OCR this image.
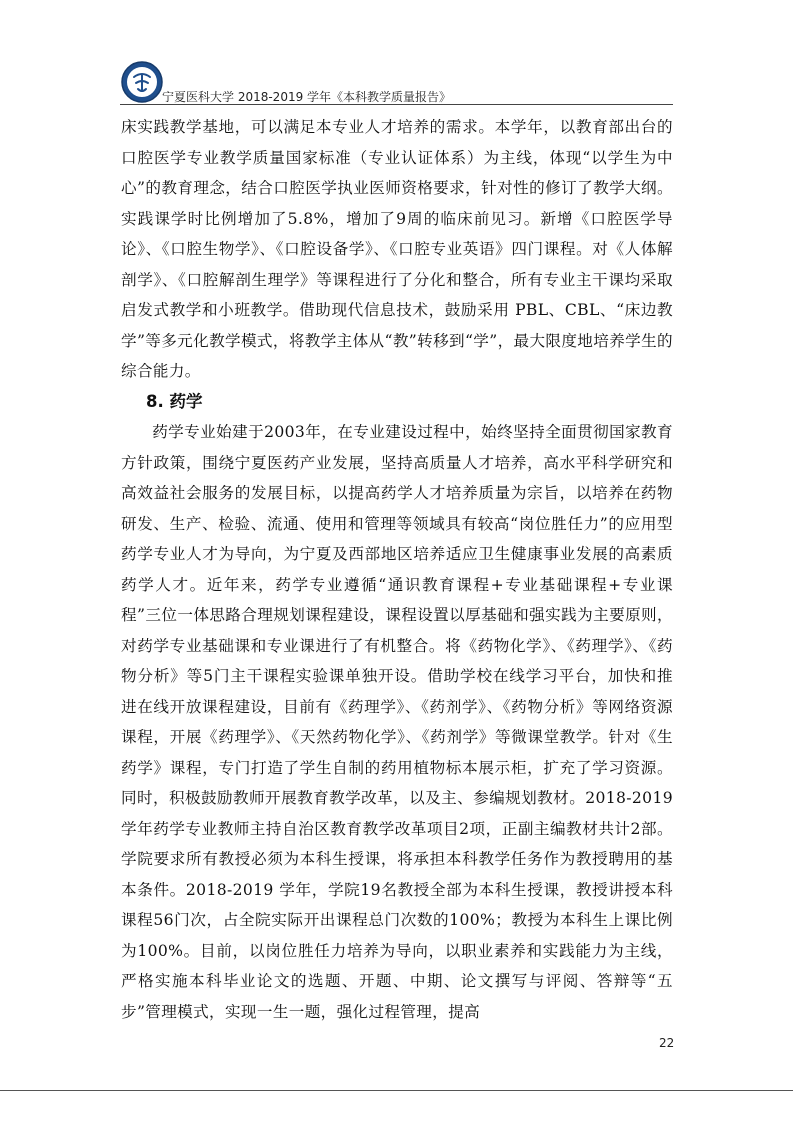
宁夏医科大学 2018-2019 学年《本科教学质量报告》

床实践教学基地，可以满足本专业人才培养的需求。本学年，以教育部出台的口腔医学专业教学质量国家标准（专业认证体系）为主线，体现“以学生为中心”的教育理念，结合口腔医学执业医师资格要求，针对性的修订了教学大纲。实践课学时比例增加了5.8%，增加了9周的临床前见习。新增《口腔医学导论》、《口腔生物学》、《口腔设备学》、《口腔专业英语》四门课程。对《人体解剖学》、《口腔解剖生理学》等课程进行了分化和整合，所有专业主干课均采取启发式教学和小班教学。借助现代信息技术，鼓励采用 PBL、CBL、“床边教学”等多元化教学模式，将教学主体从“教”转移到“学”，最大限度地培养学生的综合能力。

8. 药学

药学专业始建于2003年，在专业建设过程中，始终坚持全面贯彻国家教育方针政策，围绕宁夏医药产业发展，坚持高质量人才培养，高水平科学研究和高效益社会服务的发展目标，以提高药学人才培养质量为宗旨，以培养在药物研发、生产、检验、流通、使用和管理等领域具有较高“岗位胜任力”的应用型药学专业人才为导向，为宁夏及西部地区培养适应卫生健康事业发展的高素质药学人才。近年来，药学专业遵循“通识教育课程+专业基础课程+专业课程”三位一体思路合理规划课程建设，课程设置以厚基础和强实践为主要原则，对药学专业基础课和专业课进行了有机整合。将《药物化学》、《药理学》、《药物分析》等5门主干课程实验课单独开设。借助学校在线学习平台，加快和推进在线开放课程建设，目前有《药理学》、《药剂学》、《药物分析》等网络资源课程，开展《药理学》、《天然药物化学》、《药剂学》等微课堂教学。针对《生药学》课程，专门打造了学生自制的药用植物标本展示柜，扩充了学习资源。同时，积极鼓励教师开展教育教学改革，以及主、参编规划教材。2018-2019学年药学专业教师主持自治区教育教学改革项目2项，正副主编教材共计2部。学院要求所有教授必须为本科生授课，将承担本科教学任务作为教授聘用的基本条件。2018-2019 学年，学院19名教授全部为本科生授课，教授讲授本科课程56门次，占全院实际开出课程总门次数的100%；教授为本科生上课比例为100%。目前，以岗位胜任力培养为导向，以职业素养和实践能力为主线，严格实施本科毕业论文的选题、开题、中期、论文撰写与评阅、答辩等“五步”管理模式，实现一生一题，强化过程管理，提高

22
